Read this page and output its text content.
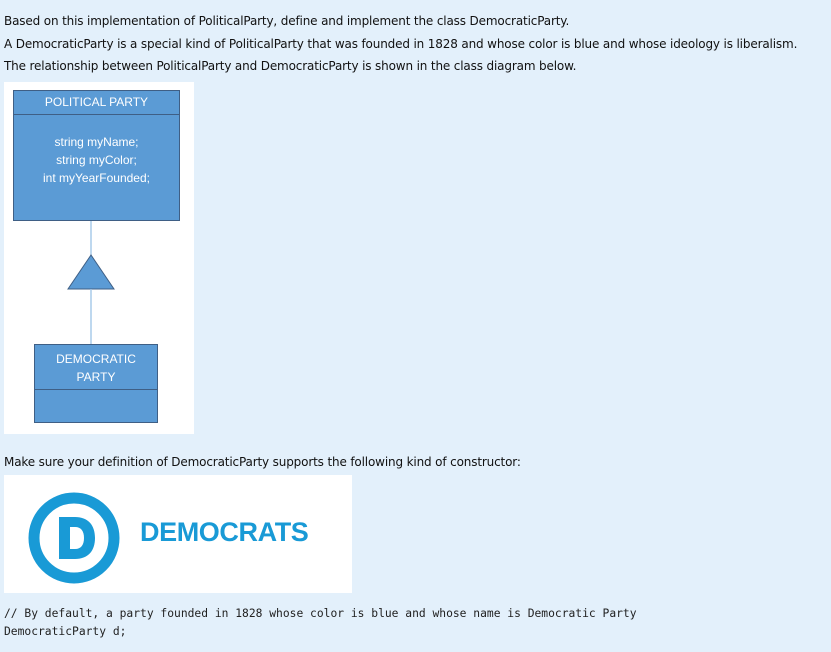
Based on this implementation of PoliticalParty, define and implement the class DemocraticParty.
A DemocraticParty is a special kind of PoliticalParty that was founded in 1828 and whose color is blue and whose ideology is liberalism.
The relationship between PoliticalParty and DemocraticParty is shown in the class diagram below.
POLITICAL PARTY
string myName;
string myColor;
int myYearFounded;
DEMOCRATIC
PARTY
Make sure your definition of DemocraticParty supports the following kind of constructor:
DEMOCRATS
// By default, a party founded in 1828 whose color is blue and whose name is Democratic Party
DemocraticParty d;
